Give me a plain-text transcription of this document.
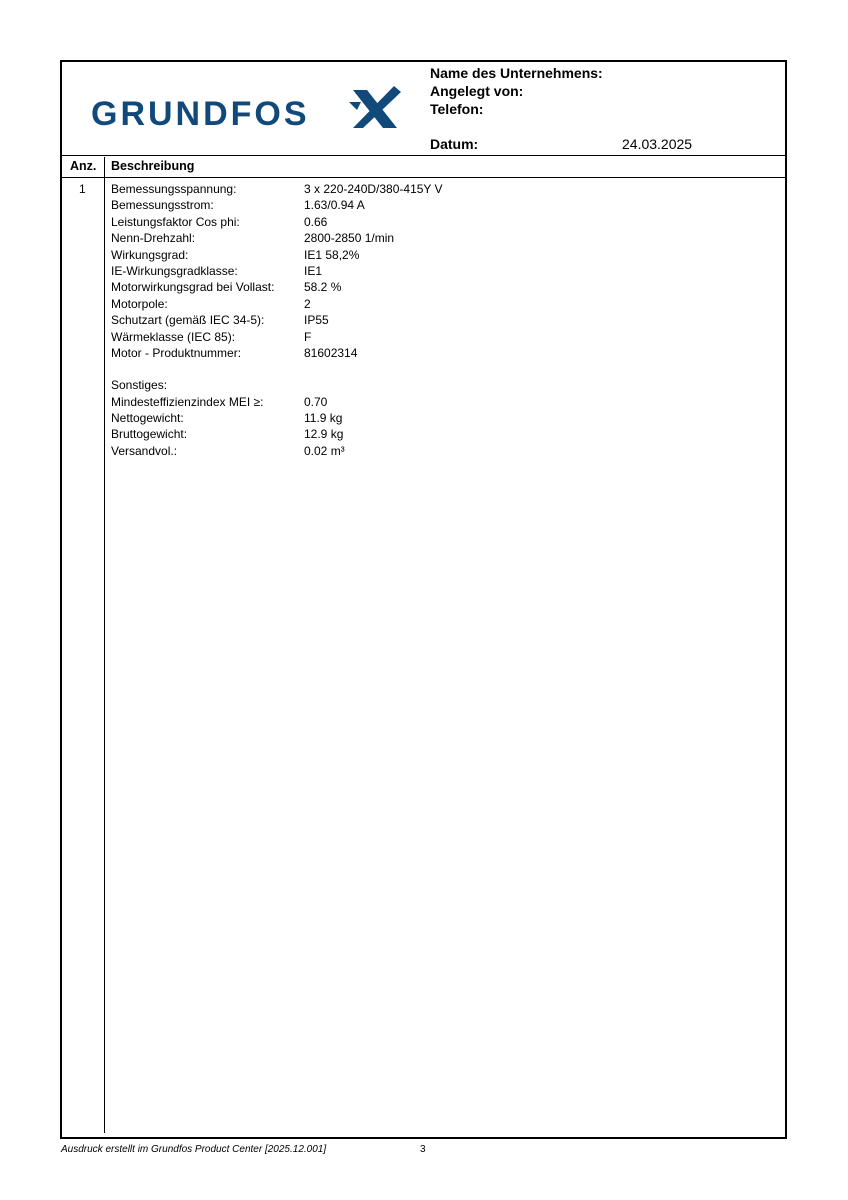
GRUNDFOS
Name des Unternehmens:
Angelegt von:
Telefon:
Datum:	24.03.2025
Anz. Beschreibung
1 Bemessungsspannung:	3 x 220-240D/380-415Y V
Bemessungsstrom:	1.63/0.94 A
Leistungsfaktor Cos phi:	0.66
Nenn-Drehzahl:	2800-2850 1/min
Wirkungsgrad:	IE1 58,2%
IE-Wirkungsgradklasse:	IE1
Motorwirkungsgrad bei Vollast: 58.2 %
Motorpole:	2
Schutzart (gemäß IEC 34-5):	IP55
Wärmeklasse (IEC 85):	F
Motor - Produktnummer:	81602314
Sonstiges:
Mindesteffizienzindex MEI ≥:	0.70
Nettogewicht:	11.9 kg
Bruttogewicht:	12.9 kg
Versandvol.:	0.02 m³
Ausdruck erstellt im Grundfos Product Center [2025.12.001]	3
